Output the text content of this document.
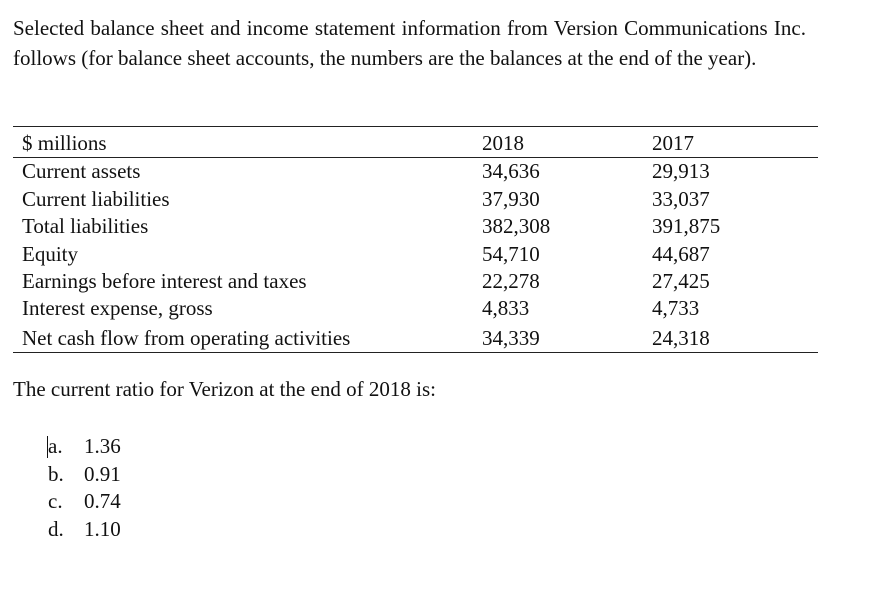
Selected balance sheet and income statement information from Version Communications Inc. follows (for balance sheet accounts, the numbers are the balances at the end of the year).

$ millions	2018	2017
Current assets	34,636	29,913
Current liabilities	37,930	33,037
Total liabilities	382,308	391,875
Equity	54,710	44,687
Earnings before interest and taxes	22,278	27,425
Interest expense, gross	4,833	4,733
Net cash flow from operating activities	34,339	24,318

The current ratio for Verizon at the end of 2018 is:

a. 1.36
b. 0.91
c. 0.74
d. 1.10
